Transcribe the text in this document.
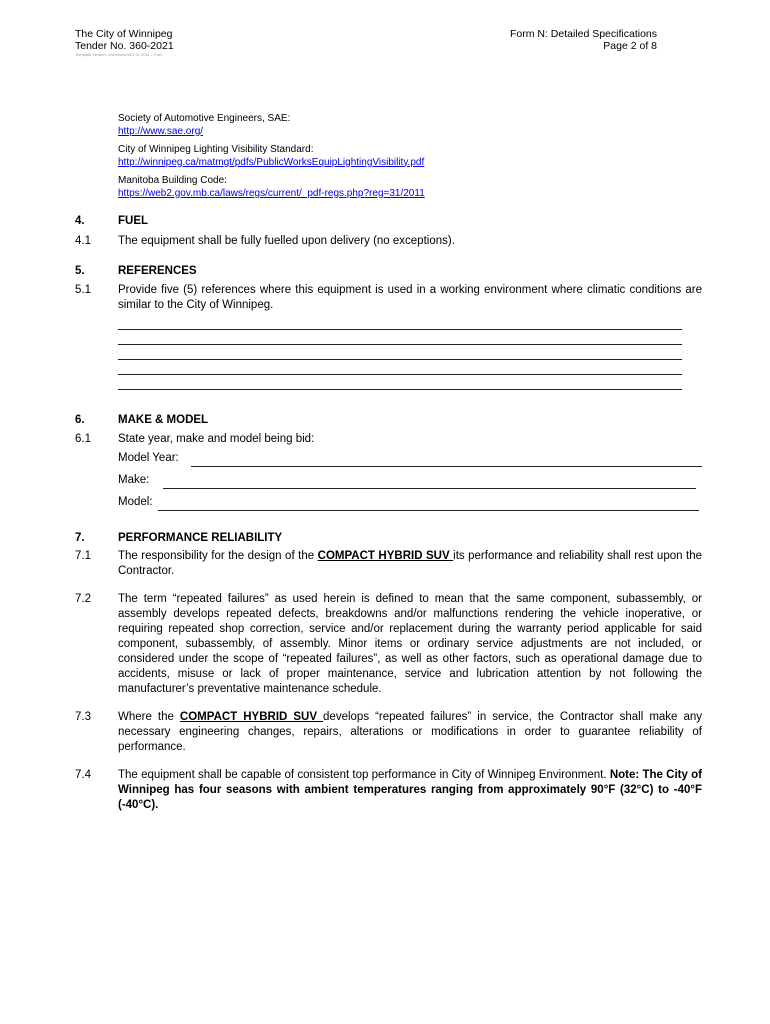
The City of Winnipeg
Tender No. 360-2021
Template Version: eServices2021 01 2011 – Fuel
Form N: Detailed Specifications
Page 2 of 8
Society of Automotive Engineers, SAE:
http://www.sae.org/
City of Winnipeg Lighting Visibility Standard:
http://winnipeg.ca/matmgt/pdfs/PublicWorksEquipLightingVisibility.pdf
Manitoba Building Code:
https://web2.gov.mb.ca/laws/regs/current/_pdf-regs.php?reg=31/2011
4.	FUEL
4.1 The equipment shall be fully fuelled upon delivery (no exceptions).
5.	REFERENCES
5.1 Provide five (5) references where this equipment is used in a working environment where climatic conditions are similar to the City of Winnipeg.
6.	MAKE & MODEL
6.1 State year, make and model being bid:
Model Year:
Make:
Model:
7.	PERFORMANCE RELIABILITY
7.1 The responsibility for the design of the COMPACT HYBRID SUV its performance and reliability shall rest upon the Contractor.
7.2 The term “repeated failures” as used herein is defined to mean that the same component, subassembly, or assembly develops repeated defects, breakdowns and/or malfunctions rendering the vehicle inoperative, or requiring repeated shop correction, service and/or replacement during the warranty period applicable for said component, subassembly, of assembly. Minor items or ordinary service adjustments are not included, or considered under the scope of “repeated failures”, as well as other factors, such as operational damage due to accidents, misuse or lack of proper maintenance, service and lubrication attention by not following the manufacturer’s preventative maintenance schedule.
7.3 Where the COMPACT HYBRID SUV develops “repeated failures” in service, the Contractor shall make any necessary engineering changes, repairs, alterations or modifications in order to guarantee reliability of performance.
7.4 The equipment shall be capable of consistent top performance in City of Winnipeg Environment. Note: The City of Winnipeg has four seasons with ambient temperatures ranging from approximately 90°F (32°C) to -40°F (-40°C).
